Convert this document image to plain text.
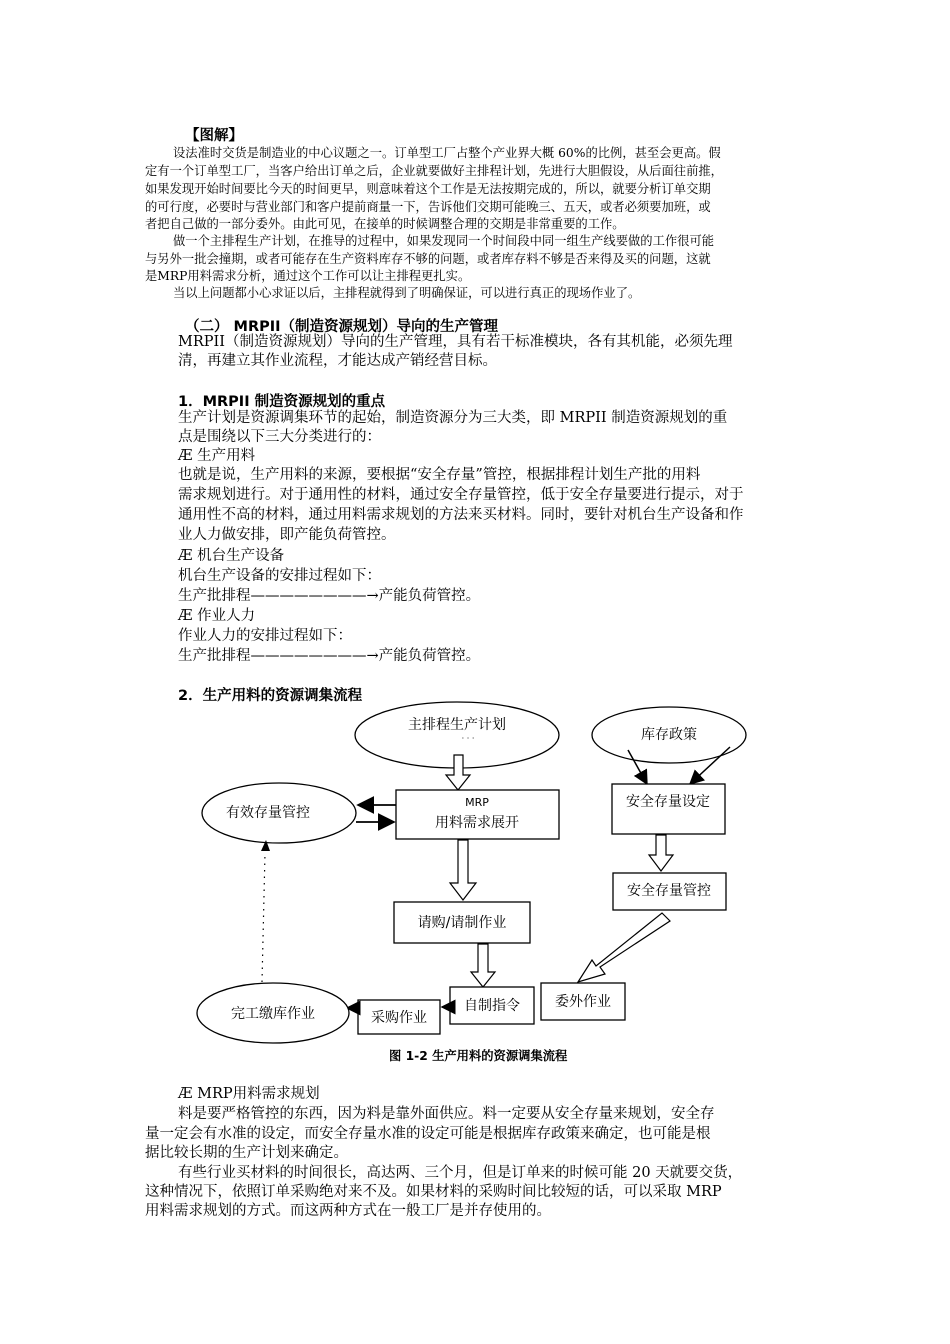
【图解】
设法准时交货是制造业的中心议题之一。订单型工厂占整个产业界大概 60%的比例，甚至会更高。假
定有一个订单型工厂，当客户给出订单之后，企业就要做好主排程计划，先进行大胆假设，从后面往前推，
如果发现开始时间要比今天的时间更早，则意味着这个工作是无法按期完成的，所以，就要分析订单交期
的可行度，必要时与营业部门和客户提前商量一下，告诉他们交期可能晚三、五天，或者必须要加班，或
者把自己做的一部分委外。由此可见，在接单的时候调整合理的交期是非常重要的工作。
做一个主排程生产计划，在推导的过程中，如果发现同一个时间段中同一组生产线要做的工作很可能
与另外一批会撞期，或者可能存在生产资料库存不够的问题，或者库存料不够是否来得及买的问题，这就
是MRP用料需求分析，通过这个工作可以让主排程更扎实。
当以上问题都小心求证以后，主排程就得到了明确保证，可以进行真正的现场作业了。
（二） MRPII（制造资源规划）导向的生产管理
MRPII（制造资源规划）导向的生产管理，具有若干标准模块，各有其机能，必须先理
清，再建立其作业流程，才能达成产销经营目标。
1．MRPII 制造资源规划的重点
生产计划是资源调集环节的起始，制造资源分为三大类，即 MRPII 制造资源规划的重
点是围绕以下三大分类进行的：
Æ 生产用料
也就是说，生产用料的来源，要根据“安全存量”管控，根据排程计划生产批的用料
需求规划进行。对于通用性的材料，通过安全存量管控，低于安全存量要进行提示，对于
通用性不高的材料，通过用料需求规划的方法来买材料。同时，要针对机台生产设备和作
业人力做安排，即产能负荷管控。
Æ 机台生产设备
机台生产设备的安排过程如下：
生产批排程————————→产能负荷管控。
Æ 作业人力
作业人力的安排过程如下：
生产批排程————————→产能负荷管控。
2．生产用料的资源调集流程
主排程生产计划
· · ·	库存政策
MRP
用料需求展开
有效存量管控
安全存量设定
安全存量管控
请购/请制作业
自制指令	委外作业
采购作业
完工缴库作业
图 1-2 生产用料的资源调集流程
Æ MRP用料需求规划
料是要严格管控的东西，因为料是靠外面供应。料一定要从安全存量来规划，安全存
量一定会有水准的设定，而安全存量水准的设定可能是根据库存政策来确定，也可能是根
据比较长期的生产计划来确定。
有些行业买材料的时间很长，高达两、三个月，但是订单来的时候可能 20 天就要交货，
这种情况下，依照订单采购绝对来不及。如果材料的采购时间比较短的话，可以采取 MRP
用料需求规划的方式。而这两种方式在一般工厂是并存使用的。
